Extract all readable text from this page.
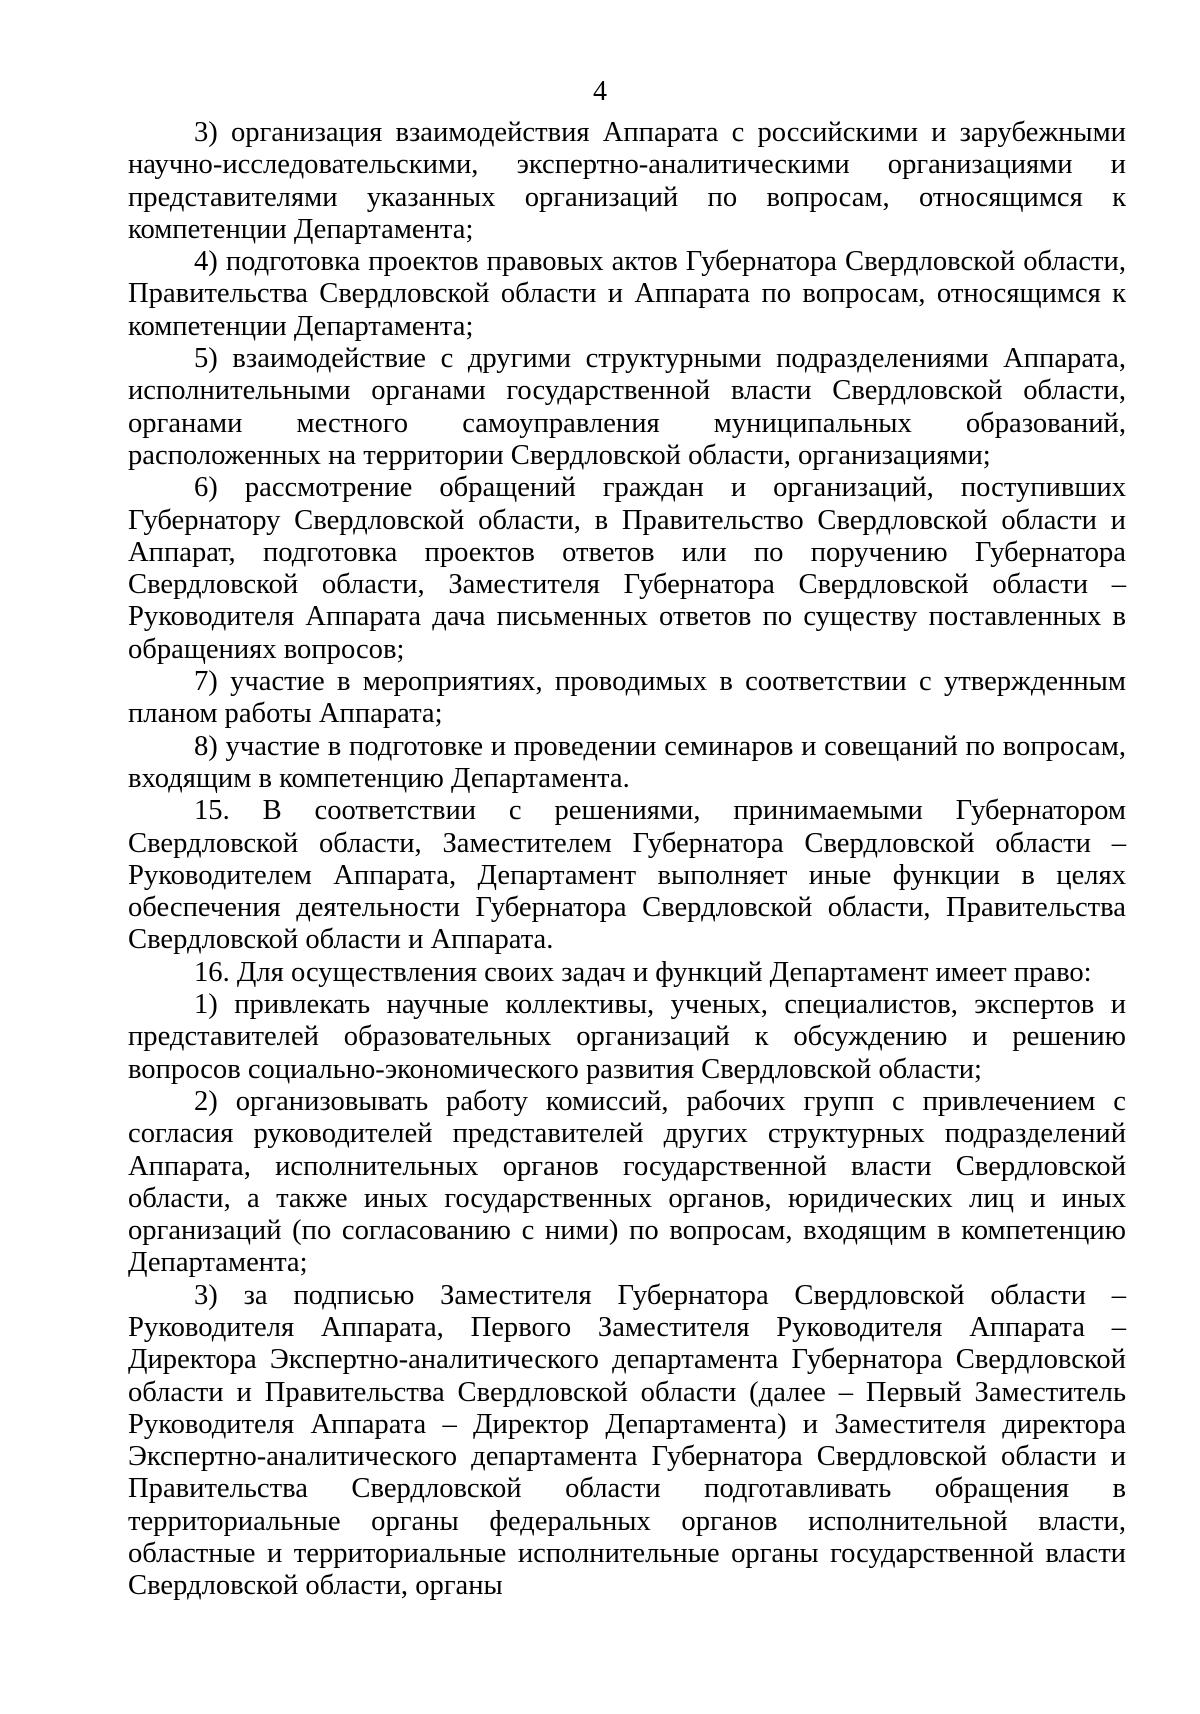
4

3) организация взаимодействия Аппарата с российскими и зарубежными научно-исследовательскими, экспертно-аналитическими организациями и представителями указанных организаций по вопросам, относящимся к компетенции Департамента;

4) подготовка проектов правовых актов Губернатора Свердловской области, Правительства Свердловской области и Аппарата по вопросам, относящимся к компетенции Департамента;

5) взаимодействие с другими структурными подразделениями Аппарата, исполнительными органами государственной власти Свердловской области, органами местного самоуправления муниципальных образований, расположенных на территории Свердловской области, организациями;

6) рассмотрение обращений граждан и организаций, поступивших Губернатору Свердловской области, в Правительство Свердловской области и Аппарат, подготовка проектов ответов или по поручению Губернатора Свердловской области, Заместителя Губернатора Свердловской области – Руководителя Аппарата дача письменных ответов по существу поставленных в обращениях вопросов;

7) участие в мероприятиях, проводимых в соответствии с утвержденным планом работы Аппарата;

8) участие в подготовке и проведении семинаров и совещаний по вопросам, входящим в компетенцию Департамента.

15. В соответствии с решениями, принимаемыми Губернатором Свердловской области, Заместителем Губернатора Свердловской области – Руководителем Аппарата, Департамент выполняет иные функции в целях обеспечения деятельности Губернатора Свердловской области, Правительства Свердловской области и Аппарата.

16. Для осуществления своих задач и функций Департамент имеет право:

1) привлекать научные коллективы, ученых, специалистов, экспертов и представителей образовательных организаций к обсуждению и решению вопросов социально-экономического развития Свердловской области;

2) организовывать работу комиссий, рабочих групп с привлечением с согласия руководителей представителей других структурных подразделений Аппарата, исполнительных органов государственной власти Свердловской области, а также иных государственных органов, юридических лиц и иных организаций (по согласованию с ними) по вопросам, входящим в компетенцию Департамента;

3) за подписью Заместителя Губернатора Свердловской области – Руководителя Аппарата, Первого Заместителя Руководителя Аппарата – Директора Экспертно-аналитического департамента Губернатора Свердловской области и Правительства Свердловской области (далее – Первый Заместитель Руководителя Аппарата – Директор Департамента) и Заместителя директора Экспертно-аналитического департамента Губернатора Свердловской области и Правительства Свердловской области подготавливать обращения в территориальные органы федеральных органов исполнительной власти, областные и территориальные исполнительные органы государственной власти Свердловской области, органы
